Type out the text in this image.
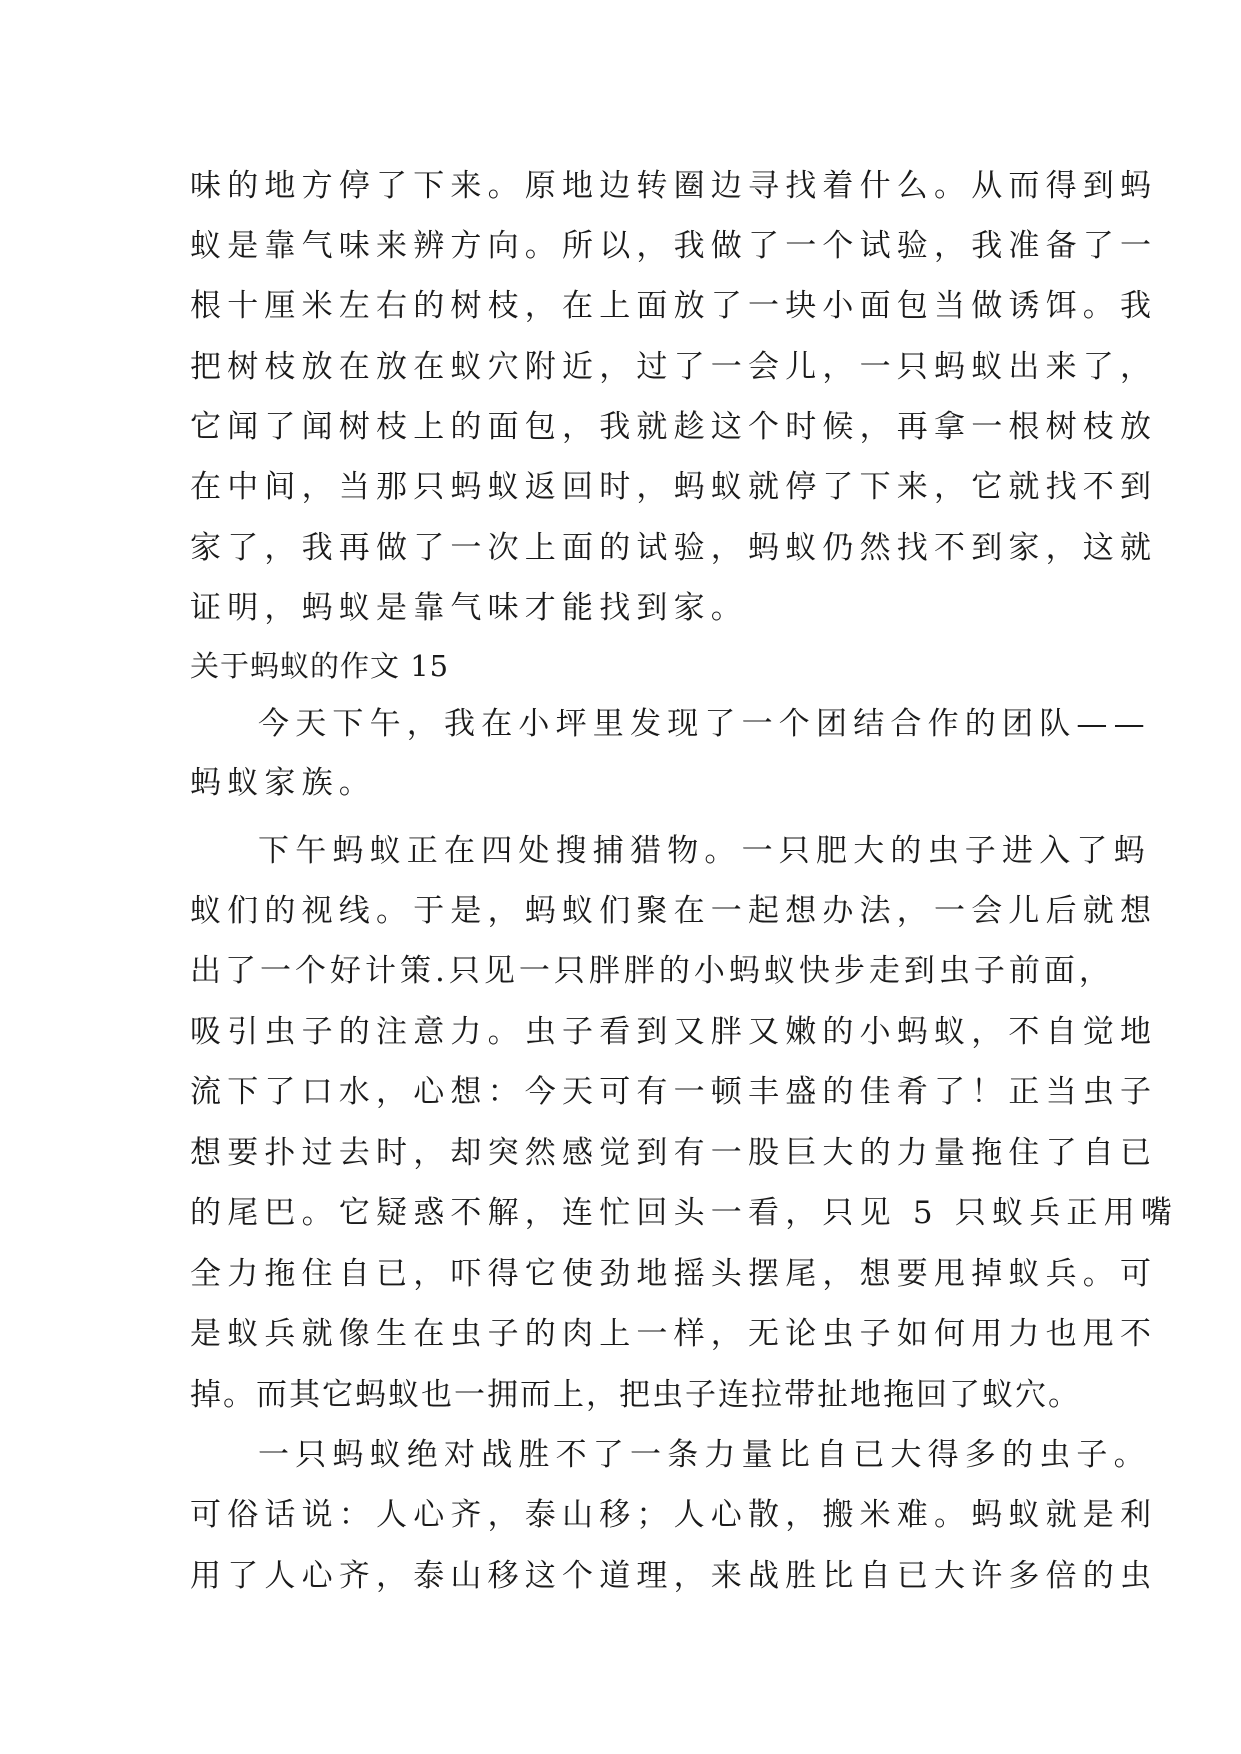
味的地方停了下来。原地边转圈边寻找着什么。从而得到蚂
蚁是靠气味来辨方向。所以，我做了一个试验，我准备了一
根十厘米左右的树枝，在上面放了一块小面包当做诱饵。我
把树枝放在放在蚁穴附近，过了一会儿，一只蚂蚁出来了，
它闻了闻树枝上的面包，我就趁这个时候，再拿一根树枝放
在中间，当那只蚂蚁返回时，蚂蚁就停了下来，它就找不到
家了，我再做了一次上面的试验，蚂蚁仍然找不到家，这就
证明，蚂蚁是靠气味才能找到家。
关于蚂蚁的作文 15
今天下午，我在小坪里发现了一个团结合作的团队——
蚂蚁家族。
下午蚂蚁正在四处搜捕猎物。一只肥大的虫子进入了蚂
蚁们的视线。于是，蚂蚁们聚在一起想办法，一会儿后就想
出了一个好计策.只见一只胖胖的小蚂蚁快步走到虫子前面，
吸引虫子的注意力。虫子看到又胖又嫩的小蚂蚁，不自觉地
流下了口水，心想：今天可有一顿丰盛的佳肴了！正当虫子
想要扑过去时，却突然感觉到有一股巨大的力量拖住了自已
的尾巴。它疑惑不解，连忙回头一看，只见 5 只蚁兵正用嘴
全力拖住自已，吓得它使劲地摇头摆尾，想要甩掉蚁兵。可
是蚁兵就像生在虫子的肉上一样，无论虫子如何用力也甩不
掉。而其它蚂蚁也一拥而上，把虫子连拉带扯地拖回了蚁穴。
一只蚂蚁绝对战胜不了一条力量比自已大得多的虫子。
可俗话说：人心齐，泰山移；人心散，搬米难。蚂蚁就是利
用了人心齐，泰山移这个道理，来战胜比自已大许多倍的虫
